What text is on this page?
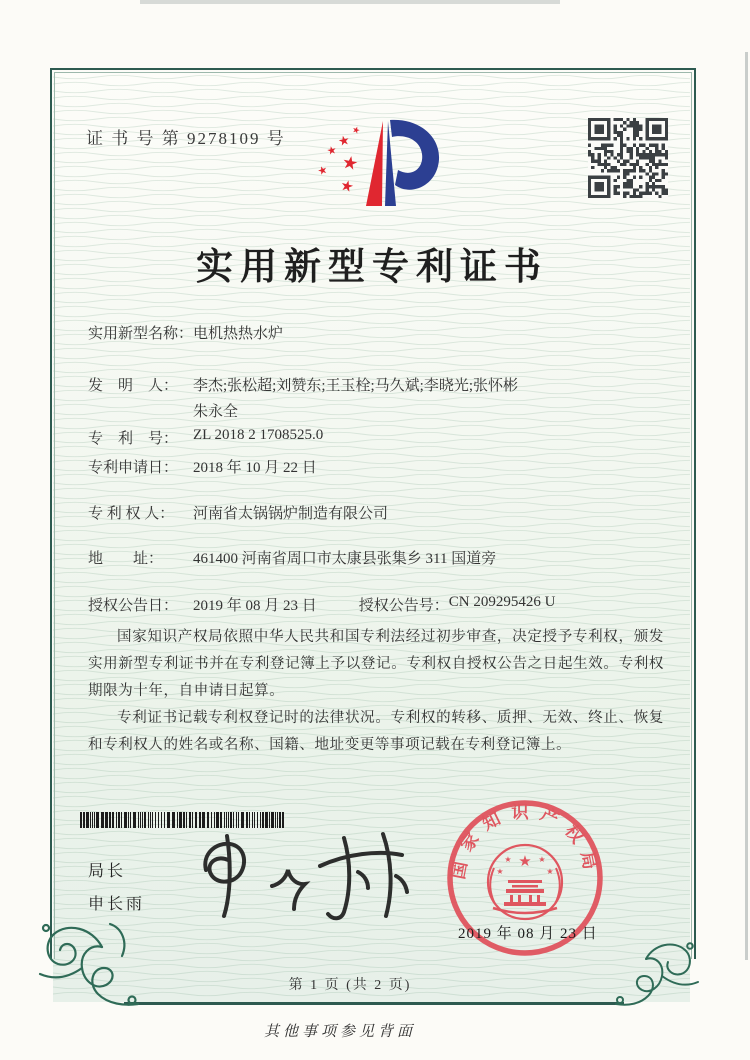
证 书 号 第 9278109 号	★
★
★
★
★
★
实用新型专利证书
实用新型名称： 电机热热水炉
发　明　人： 李杰;张松超;刘赞东;王玉栓;马久斌;李晓光;张怀彬
朱永全
专　利　号： ZL 2018 2 1708525.0
专利申请日： 2018 年 10 月 22 日
专 利 权 人：	河南省太锅锅炉制造有限公司
地　　址：	461400 河南省周口市太康县张集乡 311 国道旁
授权公告日： 2019 年 08 月 23 日	授权公告号： CN 209295426 U

国家知识产权局依照中华人民共和国专利法经过初步审查，决定授予专利权，颁发实用新型专利证书并在专利登记簿上予以登记。专利权自授权公告之日起生效。专利权期限为十年，自申请日起算。

专利证书记载专利权登记时的法律状况。专利权的转移、质押、无效、终止、恢复和专利权人的姓名或名称、国籍、地址变更等事项记载在专利登记簿上。

局长
申长雨
国家知识产权局
★
★	★
★	★
2019 年 08 月 23 日
第 1 页 (共 2 页)
其他事项参见背面
